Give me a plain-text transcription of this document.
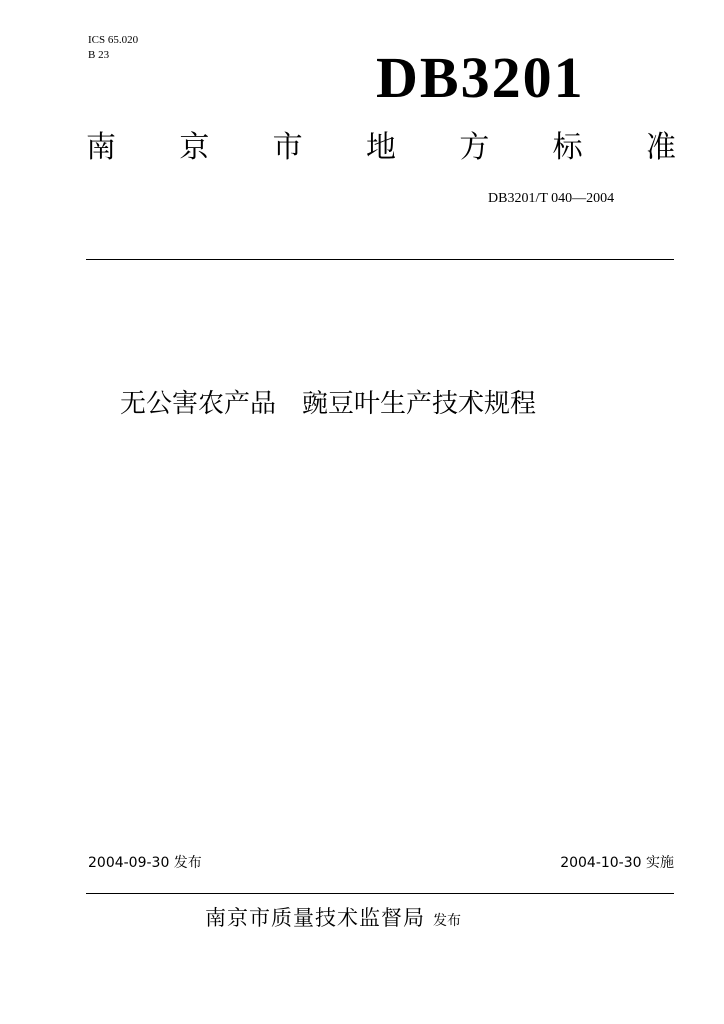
ICS 65.020
B 23	DB3201
南 京 市 地 方 标 准
DB3201/T 040—2004
无公害农产品　豌豆叶生产技术规程
2004-09-30 发布	2004-10-30 实施
南京市质量技术监督局 发布
